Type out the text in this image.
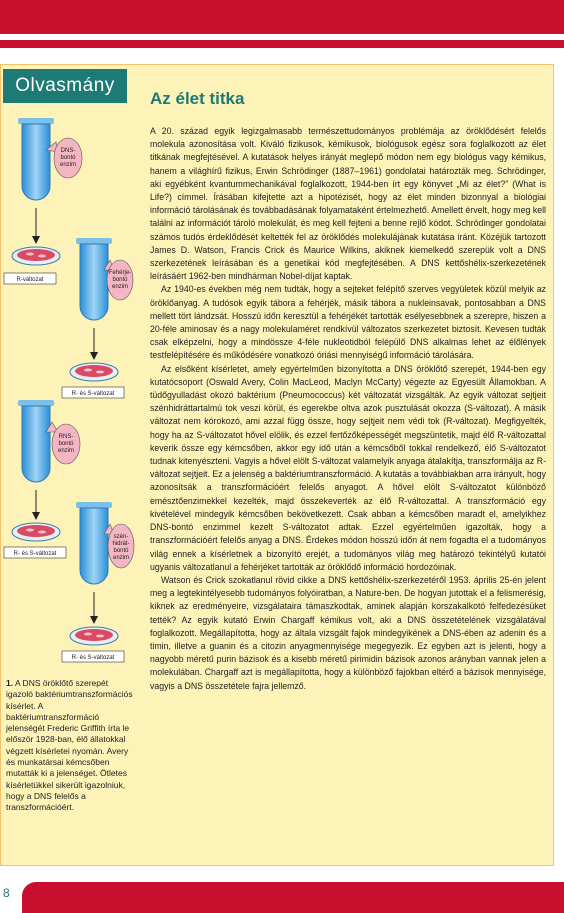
Olvasmány
Az élet titka

A 20. század egyik legizgalmasabb természettudományos problémája az öröklődésért felelős molekula azonosítása volt. Kiváló fizikusok, kémikusok, biológusok egész sora foglalkozott az élet titkának megfejtésével. A kutatások helyes irányát meglepő módon nem egy biológus vagy kémikus, hanem a világhírű fizikus, Erwin Schrödinger (1887–1961) gondolatai határozták meg. Schrödinger, aki egyébként kvantummechanikával foglalkozott, 1944-ben írt egy könyvet „Mi az élet?” (What is Life?) címmel. Írásában kifejtette azt a hipotézisét, hogy az élet minden bizonnyal a biológiai információ tárolásának és továbbadásának folyamataként értelmezhető. Amellett érvelt, hogy meg kell találni az információt tároló molekulát, és meg kell fejteni a benne rejlő kódot. Schrödinger gondolatai számos tudós érdeklődését keltették fel az öröklődés molekulájának kutatása iránt. Közéjük tartozott James D. Watson, Francis Crick és Maurice Wilkins, akiknek kiemelkedő szerepük volt a DNS szerkezetének leírásában és a genetikai kód megfejtésében. A DNS kettőshélix-szerkezetének leírásáért 1962-ben mindhárman Nobel-díjat kaptak.

Az 1940-es években még nem tudták, hogy a sejteket felépítő szerves vegyületek közül melyik az öröklőanyag. A tudósok egyik tábora a fehérjék, másik tábora a nukleinsavak, pontosabban a DNS mellett tört lándzsát. Hosszú időn keresztül a fehérjékét tartották esélyesebbnek a szerepre, hiszen a 20-féle aminosav és a nagy molekulaméret rendkívül változatos szerkezetet biztosít. Kevesen tudták csak elképzelni, hogy a mindössze 4-féle nukleotidból felépülő DNS alkalmas lehet az élőlények testfelépítésére és működésére vonatkozó óriási mennyiségű információ tárolására.

Az elsőként kísérletet, amely egyértelműen bizonyította a DNS öröklőtő szerepét, 1944-ben egy kutatócsoport (Oswald Avery, Colin MacLeod, Maclyn McCarty) végezte az Egyesült Államokban. A tüdőgyulladást okozó baktérium (Pneumococcus) két változatát vizsgálták. Az egyik változat sejtjeit szénhidráttartalmú tok veszi körül, és egerekbe oltva azok pusztulását okozza (S-változat). A másik változat nem kórokozó, ami azzal függ össze, hogy sejtjeit nem védi tok (R-változat). Megfigyelték, hogy ha az S-változatot hővel elölik, és ezzel fertőzőképességét megszüntetik, majd élő R-változattal keverik össze egy kémcsőben, akkor egy idő után a kémcsőből tokkal rendelkező, élő S-változatot tudnak kitenyészteni. Vagyis a hővel elölt S-változat valamelyik anyaga átalakítja, transzformálja az R-változat sejtjeit. Ez a jelenség a baktériumtranszformáció. A kutatás a továbbiakban arra irányult, hogy azonosítsák a transzformációért felelős anyagot. A hővel elölt S-változatot különböző emésztőenzimekkel kezelték, majd összekeverték az élő R-változattal. A transzformáció egy kivételével mindegyik kémcsőben bekövetkezett. Csak abban a kémcsőben maradt el, amelyikhez DNS-bontó enzimmel kezelt S-változatot adtak. Ezzel egyértelműen igazolták, hogy a transzformációért felelős anyag a DNS. Érdekes módon hosszú időn át nem fogadta el a tudományos világ ennek a kísérletnek a bizonyító erejét, a tudományos világ meg határozó tekintélyű kutatói ugyanis változatlanul a fehérjéket tartották az öröklődő információ hordozóinak.

Watson és Crick szokatlanul rövid cikke a DNS kettőshélix-szerkezetéről 1953. április 25-én jelent meg a legtekintélyesebb tudományos folyóiratban, a Nature-ben. De hogyan jutottak el a felismerésig, kiknek az eredményeire, vizsgálataira támaszkodtak, aminek alapján korszakalkotó felfedezésüket tették? Az egyik kutató Erwin Chargaff kémikus volt, aki a DNS összetételének vizsgálatával foglalkozott. Megállapította, hogy az általa vizsgált fajok mindegyikének a DNS-ében az adenin és a timin, illetve a guanin és a citozin anyagmennyisége megegyezik. Ez egyben azt is jelenti, hogy a nagyobb méretű purin bázisok és a kisebb méretű pirimidin bázisok azonos arányban vannak jelen a molekulában. Chargaff azt is megállapította, hogy a különböző fajokban eltérő a bázisok mennyisége, vagyis a DNS összetétele fajra jellemző.

DNS-
bontó
enzim
R-változat
Fehérje-
bontó
enzim
R- és S-változat
RNS-
bontó
enzim
R- és S-változat
szén-
hidrát-
bontó
enzim
R- és S-változat
1. A DNS öröklőtő szerepét igazoló baktériumtranszformációs kísérlet. A baktériumtranszformáció jelenségét Frederic Griffith írta le először 1928-ban, élő állatokkal végzett kísérletei nyomán. Avery és munkatársai kémcsőben mutatták ki a jelenséget. Ötletes kísérletükkel sikerült igazolniuk, hogy a DNS felelős a transzformációért.
8
